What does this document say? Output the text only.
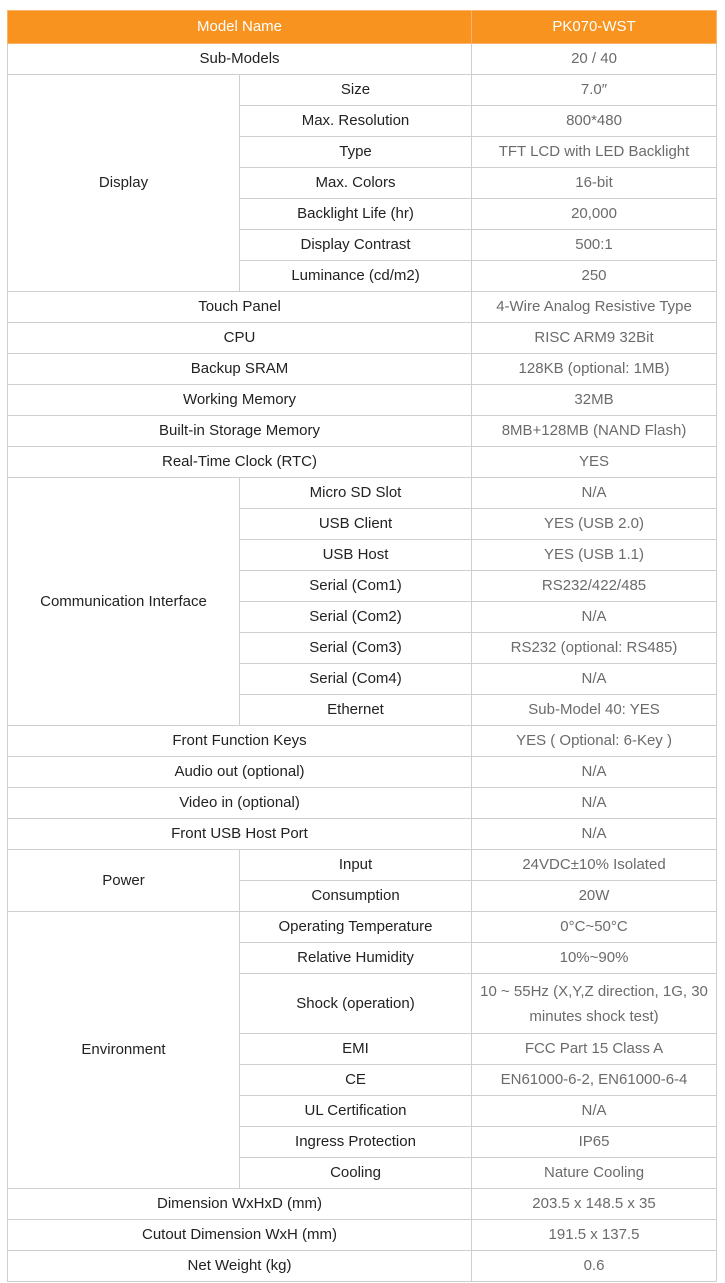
Model Name		PK070-WST
Sub-Models		20 / 40
Display	Size	7.0″
	Max. Resolution	800*480
	Type	TFT LCD with LED Backlight
	Max. Colors	16-bit
	Backlight Life (hr)	20,000
	Display Contrast	500:1
	Luminance (cd/m2)	250
Touch Panel		4-Wire Analog Resistive Type
CPU		RISC ARM9 32Bit
Backup SRAM		128KB (optional: 1MB)
Working Memory		32MB
Built-in Storage Memory		8MB+128MB (NAND Flash)
Real-Time Clock (RTC)		YES
Communication Interface	Micro SD Slot	N/A
	USB Client	YES (USB 2.0)
	USB Host	YES (USB 1.1)
	Serial (Com1)	RS232/422/485
	Serial (Com2)	N/A
	Serial (Com3)	RS232 (optional: RS485)
	Serial (Com4)	N/A
	Ethernet	Sub-Model 40: YES
Front Function Keys		YES ( Optional: 6-Key )
Audio out (optional)		N/A
Video in (optional)		N/A
Front USB Host Port		N/A
Power	Input	24VDC±10% Isolated
	Consumption	20W
Environment	Operating Temperature	0°C~50°C
	Relative Humidity	10%~90%
	Shock (operation)	10 ~ 55Hz (X,Y,Z direction, 1G, 30 minutes shock test)
	EMI	FCC Part 15 Class A
	CE	EN61000-6-2, EN61000-6-4
	UL Certification	N/A
	Ingress Protection	IP65
	Cooling	Nature Cooling
Dimension WxHxD (mm)		203.5 x 148.5 x 35
Cutout Dimension WxH (mm)		191.5 x 137.5
Net Weight (kg)		0.6
